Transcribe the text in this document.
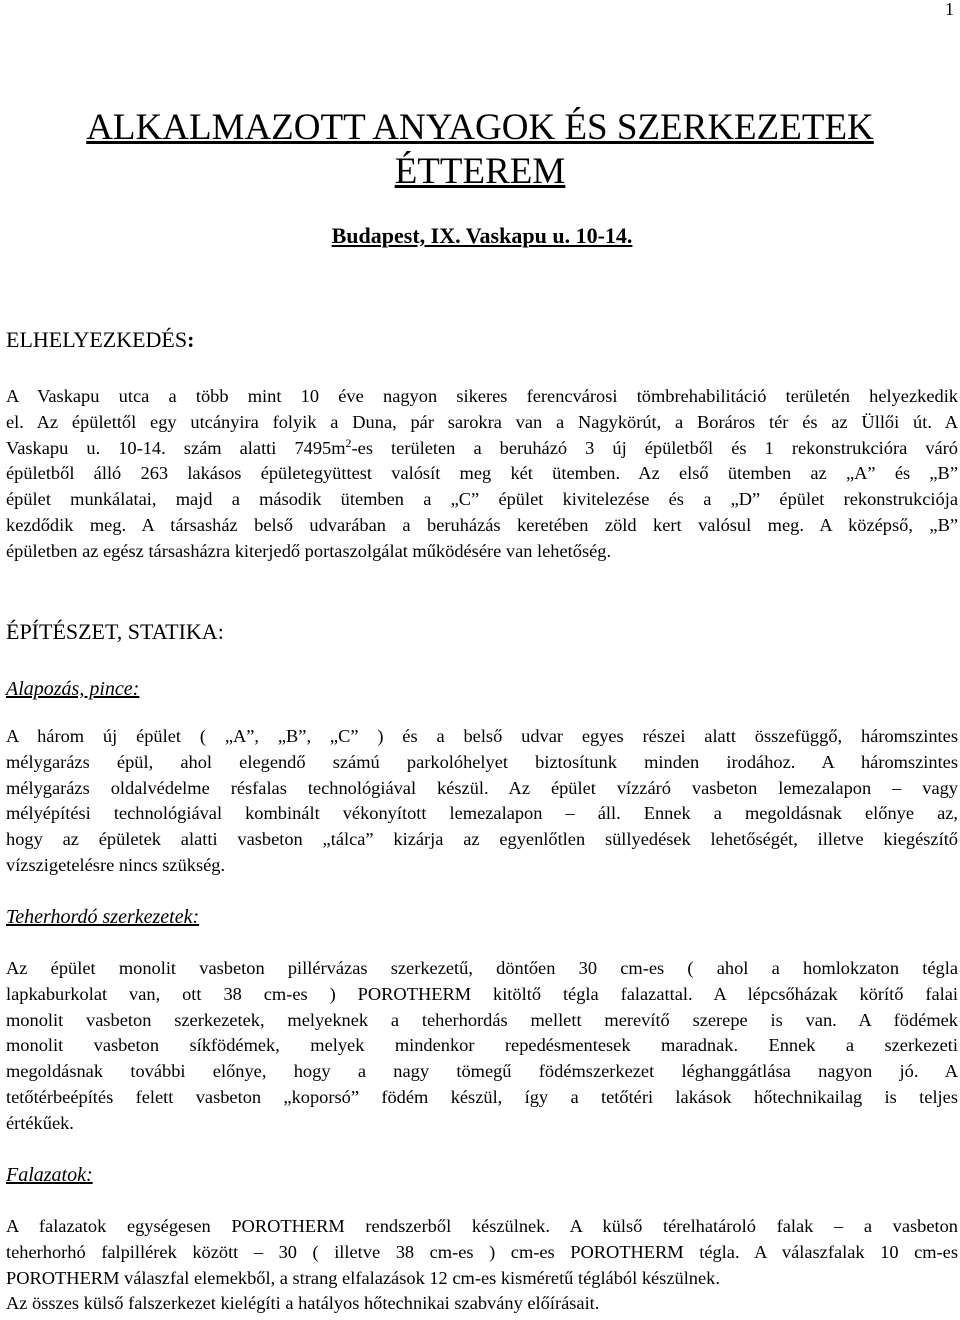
1
ALKALMAZOTT ANYAGOK ÉS SZERKEZETEK
ÉTTEREM
Budapest, IX. Vaskapu u. 10-14.
ELHELYEZKEDÉS:
A Vaskapu utca a több mint 10 éve nagyon sikeres ferencvárosi tömbrehabilitáció területén helyezkedik
el. Az épülettől egy utcányira folyik a Duna, pár sarokra van a Nagykörút, a Boráros tér és az Üllői út. A
Vaskapu u. 10-14. szám alatti $7495m^2-es$ területen a beruházó 3 új épületből és 1 rekonstrukcióra váró
épületből álló 263 lakásos épületegyüttest valósít meg két ütemben. Az első ütemben az „A” és „B”
épület munkálatai, majd a második ütemben a „C” épület kivitelezése és a „D” épület rekonstrukciója
kezdődik meg. A társasház belső udvarában a beruházás keretében zöld kert valósul meg. A középső, „B”
épületben az egész társasházra kiterjedő portaszolgálat működésére van lehetőség.
ÉPÍTÉSZET, STATIKA:
Alapozás, pince:
A három új épület ( „A”, „B”, „C” ) és a belső udvar egyes részei alatt összefüggő, háromszintes
mélygarázs épül, ahol elegendő számú parkolóhelyet biztosítunk minden irodához. A háromszintes
mélygarázs oldalvédelme résfalas technológiával készül. Az épület vízzáró vasbeton lemezalapon – vagy
mélyépítési technológiával kombinált vékonyított lemezalapon – áll. Ennek a megoldásnak előnye az,
hogy az épületek alatti vasbeton „tálca” kizárja az egyenlőtlen süllyedések lehetőségét, illetve kiegészítő
vízszigetelésre nincs szükség.
Teherhordó szerkezetek:
Az épület monolit vasbeton pillérvázas szerkezetű, döntően 30 cm-es ( ahol a homlokzaton tégla
lapkaburkolat van, ott 38 cm-es ) POROTHERM kitöltő tégla falazattal. A lépcsőházak körítő falai
monolit vasbeton szerkezetek, melyeknek a teherhordás mellett merevítő szerepe is van. A födémek
monolit vasbeton síkfödémek, melyek mindenkor repedésmentesek maradnak. Ennek a szerkezeti
megoldásnak további előnye, hogy a nagy tömegű födémszerkezet léghanggátlása nagyon jó. A
tetőtérbeépítés felett vasbeton „koporsó” födém készül, így a tetőtéri lakások hőtechnikailag is teljes
értékűek.
Falazatok:
A falazatok egységesen POROTHERM rendszerből készülnek. A külső térelhatároló falak – a vasbeton
teherhorhó falpillérek között – 30 ( illetve 38 cm-es ) cm-es POROTHERM tégla. A válaszfalak 10 cm-es
POROTHERM válaszfal elemekből, a strang elfalazások 12 cm-es kisméretű téglából készülnek.
Az összes külső falszerkezet kielégíti a hatályos hőtechnikai szabvány előírásait.
